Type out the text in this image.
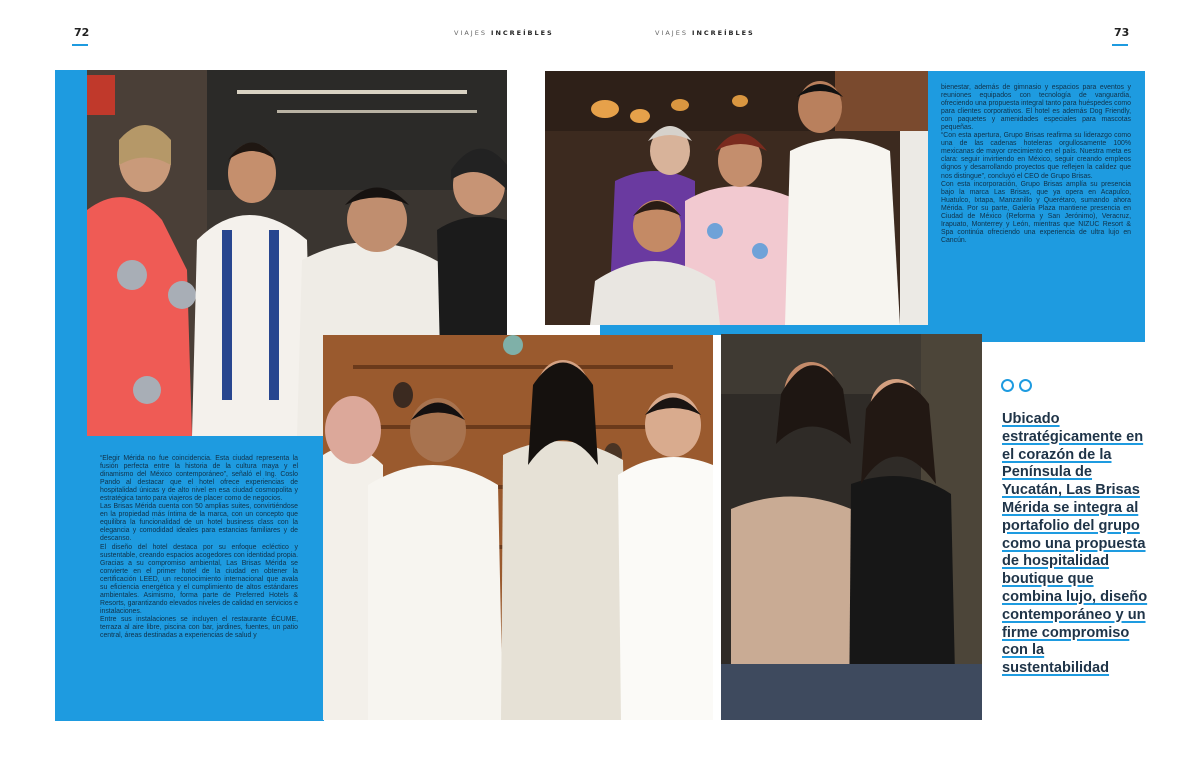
72	VIAJES INCREÍBLES	VIAJES INCREÍBLES	73

“Elegir Mérida no fue coincidencia. Esta ciudad representa la fusión perfecta entre la historia de la cultura maya y el dinamismo del México contemporáneo”, señaló el Ing. Coslo Pando al destacar que el hotel ofrece experiencias de hospitalidad únicas y de alto nivel en esa ciudad cosmopolita y estratégica tanto para viajeros de placer como de negocios.

Las Brisas Mérida cuenta con 50 amplias suites, convirtiéndose en la propiedad más íntima de la marca, con un concepto que equilibra la funcionalidad de un hotel business class con la elegancia y comodidad ideales para estancias familiares y de descanso.

El diseño del hotel destaca por su enfoque ecléctico y sustentable, creando espacios acogedores con identidad propia. Gracias a su compromiso ambiental, Las Brisas Mérida se convierte en el primer hotel de la ciudad en obtener la certificación LEED, un reconocimiento internacional que avala su eficiencia energética y el cumplimiento de altos estándares ambientales. Asimismo, forma parte de Preferred Hotels & Resorts, garantizando elevados niveles de calidad en servicios e instalaciones.

Entre sus instalaciones se incluyen el restaurante ÉCUME, terraza al aire libre, piscina con bar, jardines, fuentes, un patio central, áreas destinadas a experiencias de salud y

bienestar, además de gimnasio y espacios para eventos y reuniones equipados con tecnología de vanguardia, ofreciendo una propuesta integral tanto para huéspedes como para clientes corporativos. El hotel es además Dog Friendly, con paquetes y amenidades especiales para mascotas pequeñas.

“Con esta apertura, Grupo Brisas reafirma su liderazgo como una de las cadenas hoteleras orgullosamente 100% mexicanas de mayor crecimiento en el país. Nuestra meta es clara: seguir invirtiendo en México, seguir creando empleos dignos y desarrollando proyectos que reflejen la calidez que nos distingue”, concluyó el CEO de Grupo Brisas.

Con esta incorporación, Grupo Brisas amplía su presencia bajo la marca Las Brisas, que ya opera en Acapulco, Huatulco, Ixtapa, Manzanillo y Querétaro, sumando ahora Mérida. Por su parte, Galería Plaza mantiene presencia en Ciudad de México (Reforma y San Jerónimo), Veracruz, Irapuato, Monterrey y León, mientras que NIZUC Resort & Spa continúa ofreciendo una experiencia de ultra lujo en Cancún.

Ubicado estratégicamente en el corazón de la Península de Yucatán, Las Brisas Mérida se integra al portafolio del grupo como una propuesta de hospitalidad boutique que combina lujo, diseño contemporáneo y un firme compromiso con la sustentabilidad
